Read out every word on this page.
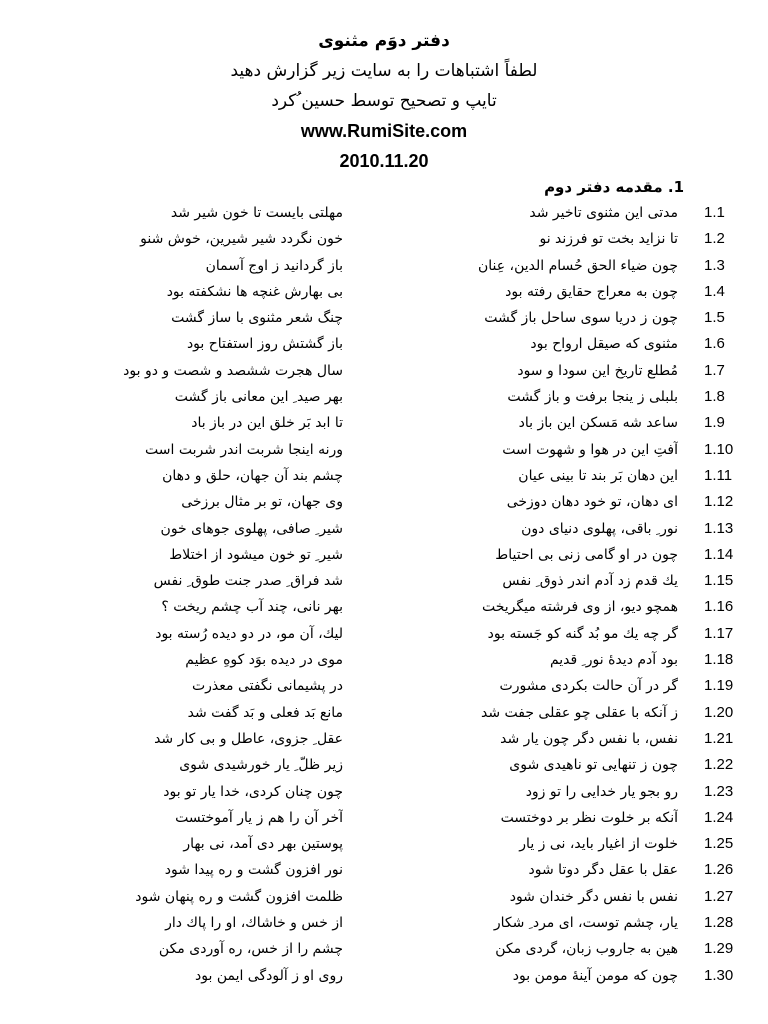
دفتر دوَم مثنوی
لطفاً اشتباهات را به سایت زیر گزارش دهید
تایپ و تصحیح توسط حسین ُکرد
www.RumiSite.com
2010.11.20
1. مقدمه دفتر دوم
1.1
مدتی این مثنوی تاخیر شد
مهلتی بایست تا خون شیر شد
1.2
تا نزاید بخت تو فرزند نو
خون نگردد شیر شیرین، خوش شنو
1.3
چون ضیاء الحق حُسام الدین، عِنان
باز گردانید ز اوج آسمان
1.4
چون به معراج حقایق رفته بود
بی بهارش غنچه ها نشکفته بود
1.5
چون ز دریا سوی ساحل باز گشت
چنگ شعر مثنوی با ساز گشت
1.6
مثنوی که صیقل ارواح بود
باز گشتش روز استفتاح بود
1.7
مُطلع تاریخ این سودا و سود
سال هجرت ششصد و شصت و دو بود
1.8
بلبلی ز ینجا برفت و باز گشت
بهر صید ِ این معانی باز گشت
1.9
ساعد شه مَسکن این باز باد
تا ابد بَر خلق این در باز باد
1.10
آفتِ این در هوا و شهوت است
ورنه اینجا شربت اندر شربت است
1.11
این دهان بَر بند تا بینی عیان
چشم بند آن جهان، حلق و دهان
1.12
ای دهان، تو خود دهان دوزخی
وی جهان، تو بر مثال برزخی
1.13
نور ِ باقی، پهلوی دنیای دون
شیر ِ صافی، پهلوی جوهای خون
1.14
چون در او گامی زنی بی احتیاط
شیر ِ تو خون میشود از اختلاط
1.15
یك قدم زد آدم اندر ذوق ِ نفس
شد فراق ِ صدر جنت طوق ِ نفس
1.16
همچو دیو، از وی فرشته میگریخت
بهر نانی، چند آب چشم ریخت ؟
1.17
گر چه یك مو بُد گنه کو جَسته بود
لیك، آن مو، در دو دیده رُسته بود
1.18
بود آدم دیدهٔ نور ِ قدیم
موی در دیده بوَد کوهِ عظیم
1.19
گر در آن حالت بکردی مشورت
در پشیمانی نگفتی معذرت
1.20
ز آنکه با عقلی چو عقلی جفت شد
مانع بَد فعلی و بَد گفت شد
1.21
نفس، با نفس دگر چون یار شد
عقل ِ جزوی، عاطل و بی کار شد
1.22
چون ز تنهایی تو ناهیدی شوی
زیر ظلّ ِ یار خورشیدی شوی
1.23
رو بجو یار خدایی را تو زود
چون چنان کردی، خدا یار تو بود
1.24
آنکه بر خلوت نظر بر دوختست
آخر آن را هم ز یار آموختست
1.25
خلوت از اغیار باید، نی ز یار
پوستین بهر دی آمد، نی بهار
1.26
عقل با عقل دگر دوتا شود
نور افزون گشت و ره پیدا شود
1.27
نفس با نفس دگر خندان شود
ظلمت افزون گشت و ره پنهان شود
1.28
یار، چشم توست، ای مرد ِ شکار
از خس و خاشاك، او را پاك دار
1.29
هین به جاروب زبان، گردی مکن
چشم را از خس، ره آوردی مکن
1.30
چون که مومن آینهٔ مومن بود
روی او ز آلودگی ایمن بود
